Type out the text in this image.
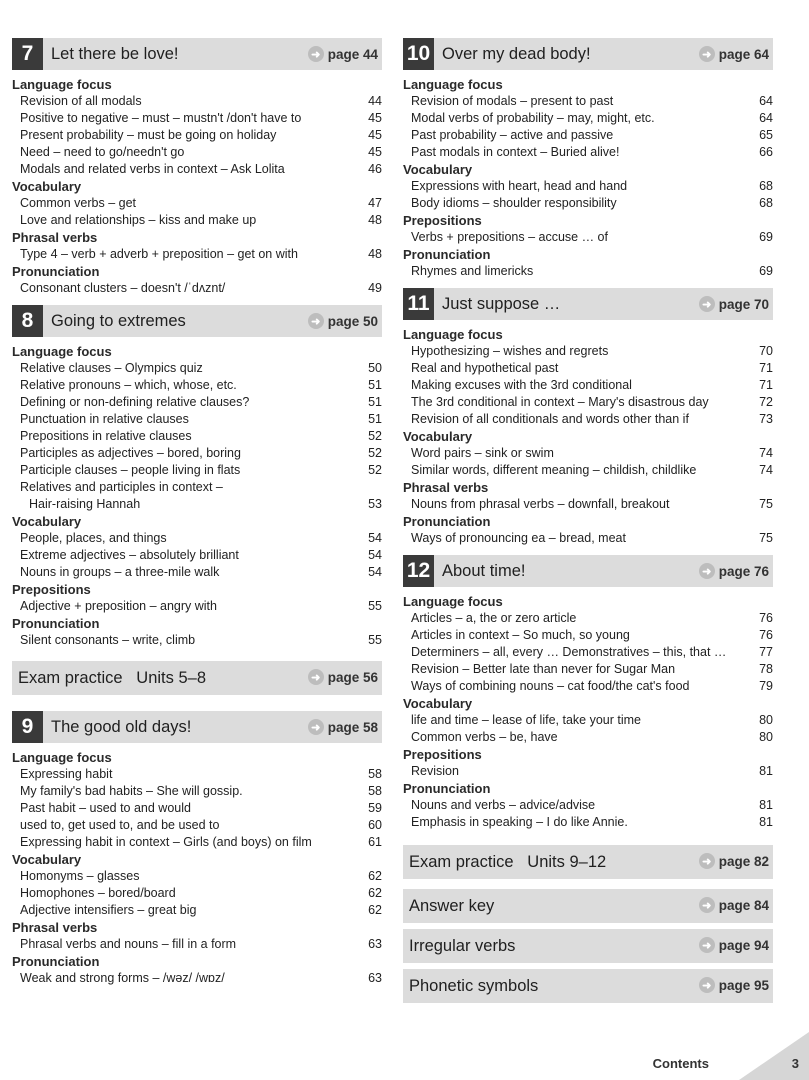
7	Let there be love!	➜ page 44
Language focus
Revision of all modals	44
Positive to negative – must – mustn't /don't have to	45
Present probability – must be going on holiday	45
Need – need to go/needn't go	45
Modals and related verbs in context – Ask Lolita	46
Vocabulary
Common verbs – get	47
Love and relationships – kiss and make up	48
Phrasal verbs
Type 4 – verb + adverb + preposition – get on with	48
Pronunciation
Consonant clusters – doesn't /ˈdʌznt/	49
8	Going to extremes	➜ page 50
Language focus
Relative clauses – Olympics quiz	50
Relative pronouns – which, whose, etc.	51
Defining or non-defining relative clauses?	51
Punctuation in relative clauses	51
Prepositions in relative clauses	52
Participles as adjectives – bored, boring	52
Participle clauses – people living in flats	52
Relatives and participles in context –
Hair-raising Hannah	53
Vocabulary
People, places, and things	54
Extreme adjectives – absolutely brilliant	54
Nouns in groups – a three-mile walk	54
Prepositions
Adjective + preposition – angry with	55
Pronunciation
Silent consonants – write, climb	55
Exam practice   Units 5–8	➜ page 56
9	The good old days!	➜ page 58
Language focus
Expressing habit	58
My family's bad habits – She will gossip.	58
Past habit – used to and would	59
used to, get used to, and be used to	60
Expressing habit in context – Girls (and boys) on film	61
Vocabulary
Homonyms – glasses	62
Homophones – bored/board	62
Adjective intensifiers – great big	62
Phrasal verbs
Phrasal verbs and nouns – fill in a form	63
Pronunciation
Weak and strong forms – /wəz/ /wɒz/	63
10 Over my dead body!	➜ page 64
Language focus
Revision of modals – present to past	64
Modal verbs of probability – may, might, etc.	64
Past probability – active and passive	65
Past modals in context – Buried alive!	66
Vocabulary
Expressions with heart, head and hand	68
Body idioms – shoulder responsibility	68
Prepositions
Verbs + prepositions – accuse … of	69
Pronunciation
Rhymes and limericks	69
11 Just suppose …	➜ page 70
Language focus
Hypothesizing – wishes and regrets	70
Real and hypothetical past	71
Making excuses with the 3rd conditional	71
The 3rd conditional in context – Mary's disastrous day	72
Revision of all conditionals and words other than if	73
Vocabulary
Word pairs – sink or swim	74
Similar words, different meaning – childish, childlike	74
Phrasal verbs
Nouns from phrasal verbs – downfall, breakout	75
Pronunciation
Ways of pronouncing ea – bread, meat	75
12 About time!	➜ page 76
Language focus
Articles – a, the or zero article	76
Articles in context – So much, so young	76
Determiners – all, every … Demonstratives – this, that …	77
Revision – Better late than never for Sugar Man	78
Ways of combining nouns – cat food/the cat's food	79
Vocabulary
life and time – lease of life, take your time	80
Common verbs – be, have	80
Prepositions
Revision	81
Pronunciation
Nouns and verbs – advice/advise	81
Emphasis in speaking – I do like Annie.	81
Exam practice   Units 9–12	➜ page 82
Answer key	➜ page 84
Irregular verbs	➜ page 94
Phonetic symbols	➜ page 95
Contents	3
